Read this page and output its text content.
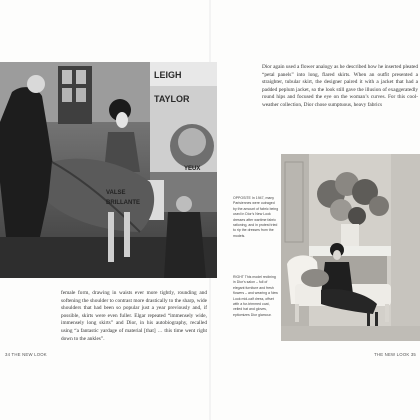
LEIGH
TAYLOR
YEUX
VALSE
BRILLANTE

female form, drawing in waists ever more tightly, rounding and softening the shoulder to contrast more drastically to the sharp, wide shoulders that had been so popular just a year previously and, if possible, skirts were even fuller. Elgar repeated “immensely wide, immensely long skirts” and Dior, in his autobiography, recalled using “a fantastic yardage of material [that] … this time went right down to the ankles”.

Dior again used a flower analogy as he described how he inserted pleated “petal panels” into long, flared skirts. When an outfit presented a straighter, tubular skirt, the designer paired it with a jacket that had a padded peplum jacket, so the look still gave the illusion of exaggeratedly round hips and focused the eye on the woman’s curves. For this cool-weather collection, Dior chose sumptuous, heavy fabrics

OPPOSITE In 1947, many Parisiennes were outraged by the amount of fabric being used in Dior’s New Look dresses after wartime fabric rationing, and in protest tried to rip the dresses from the models.

RIGHT This model reclining in Dior’s salon – full of elegant furniture and fresh flowers – and wearing a New Look mid-calf dress, offset with a fur-trimmed coat, veiled hat and gloves, epitomizes Dior glamour.

34 THE NEW LOOK	THE NEW LOOK 35
